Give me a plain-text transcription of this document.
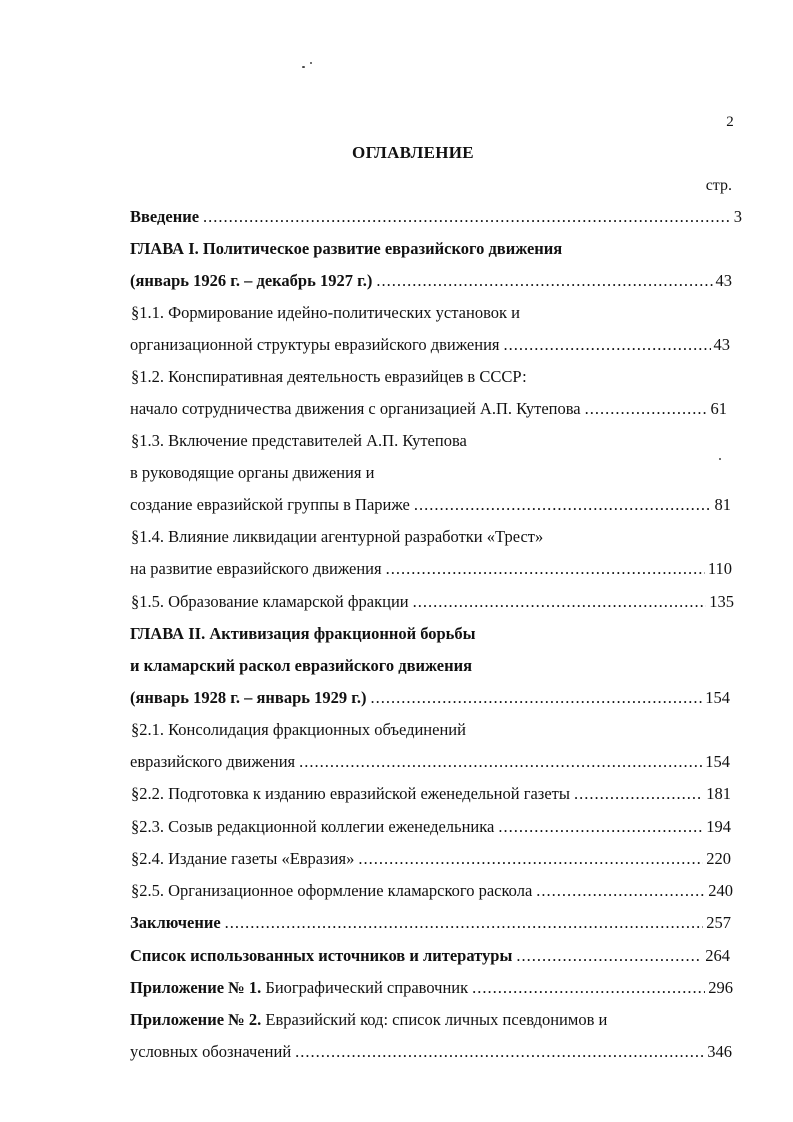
2
ОГЛАВЛЕНИЕ
стр.
Введение .....	3
ГЛАВА I. Политическое развитие евразийского движения
(январь 1926 г. – декабрь 1927 г.) .....	43
§1.1. Формирование идейно-политических установок и
организационной структуры евразийского движения .....	43
§1.2. Конспиративная деятельность евразийцев в СССР:
начало сотрудничества движения с организацией А.П. Кутепова .....	61
§1.3. Включение представителей А.П. Кутепова
в руководящие органы движения и
создание евразийской группы в Париже .....	81
§1.4. Влияние ликвидации агентурной разработки «Трест»
на развитие евразийского движения .....	110
§1.5. Образование кламарской фракции .....	135
ГЛАВА II. Активизация фракционной борьбы
и кламарский раскол евразийского движения
(январь 1928 г. – январь 1929 г.) .....	154
§2.1. Консолидация фракционных объединений
евразийского движения .....	154
§2.2. Подготовка к изданию евразийской еженедельной газеты .....	181
§2.3. Созыв редакционной коллегии еженедельника .....	194
§2.4. Издание газеты «Евразия» .....	220
§2.5. Организационное оформление кламарского раскола .....	240
Заключение .....	257
Список использованных источников и литературы .....	264
Приложение № 1. Биографический справочник .....	296
Приложение № 2. Евразийский код: список личных псевдонимов и
условных обозначений .....	346
